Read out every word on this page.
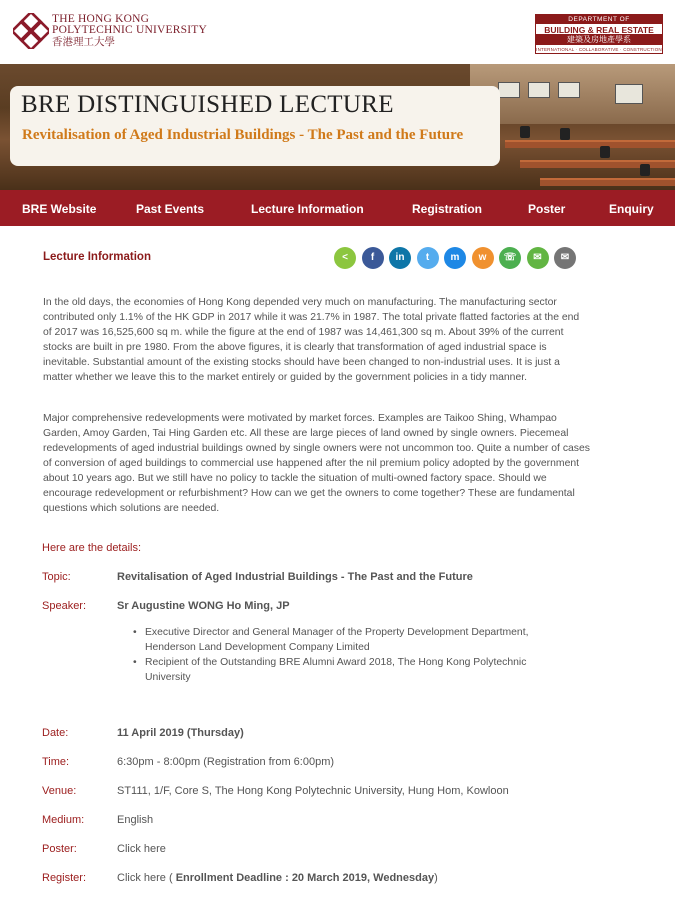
THE HONG KONG
POLYTECHNIC UNIVERSITY
香港理工大學
DEPARTMENT OF
BUILDING & REAL ESTATE
建築及房地產學系
INTERNATIONAL · COLLABORATIVE · CONSTRUCTION
BRE DISTINGUISHED LECTURE
Revitalisation of Aged Industrial Buildings - The Past and the Future
BRE Website	Past Events	Lecture Information	Registration	Poster	Enquiry
Lecture Information	<	f	in	t	m	w	☏	✉	✉

In the old days, the economies of Hong Kong depended very much on manufacturing. The manufacturing sector contributed only 1.1% of the HK GDP in 2017 while it was 21.7% in 1987. The total private flatted factories at the end of 2017 was 16,525,600 sq m. while the figure at the end of 1987 was 14,461,300 sq m. About 39% of the current stocks are built in pre 1980. From the above figures, it is clearly that transformation of aged industrial space is inevitable. Substantial amount of the existing stocks should have been changed to non-industrial uses. It is just a matter whether we leave this to the market entirely or guided by the government policies in a tidy manner.

Major comprehensive redevelopments were motivated by market forces. Examples are Taikoo Shing, Whampao Garden, Amoy Garden, Tai Hing Garden etc. All these are large pieces of land owned by single owners. Piecemeal redevelopments of aged industrial buildings owned by single owners were not uncommon too. Quite a number of cases of conversion of aged buildings to commercial use happened after the nil premium policy adopted by the government about 10 years ago. But we still have no policy to tackle the situation of multi-owned factory space. Should we encourage redevelopment or refurbishment? How can we get the owners to come together? These are fundamental questions which solutions are needed.

Here are the details:
Topic:	Revitalisation of Aged Industrial Buildings - The Past and the Future
Speaker:	Sr Augustine WONG Ho Ming, JP
• Executive Director and General Manager of the Property Development Department, Henderson Land Development Company Limited
• Recipient of the Outstanding BRE Alumni Award 2018, The Hong Kong Polytechnic University
Date:	11 April 2019 (Thursday)
Time:	6:30pm - 8:00pm (Registration from 6:00pm)
Venue:	ST111, 1/F, Core S, The Hong Kong Polytechnic University, Hung Hom, Kowloon
Medium:	English
Poster:	Click here
Register:	Click here ( Enrollment Deadline : 20 March 2019, Wednesday)
